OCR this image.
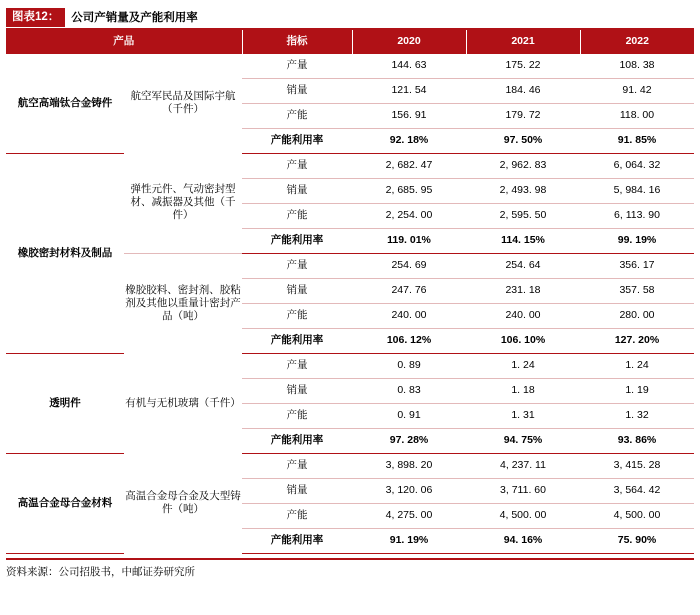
图表12：	公司产销量及产能利用率
产品		指标	2020	2021	2022
航空高端钛合金铸件	航空军民品及国际宇航（千件）	产量	144. 63	175. 22	108. 38
		销量	121. 54	184. 46	91. 42
		产能	156. 91	179. 72	118. 00
		产能利用率	92. 18%	97. 50%	91. 85%
橡胶密封材料及制品	弹性元件、气动密封型材、减振器及其他（千件）	产量	2, 682. 47	2, 962. 83	6, 064. 32
		销量	2, 685. 95	2, 493. 98	5, 984. 16
		产能	2, 254. 00	2, 595. 50	6, 113. 90
		产能利用率	119. 01%	114. 15%	99. 19%
	橡胶胶料、密封剂、胶粘剂及其他以重量计密封产品（吨）	产量	254. 69	254. 64	356. 17
		销量	247. 76	231. 18	357. 58
		产能	240. 00	240. 00	280. 00
		产能利用率	106. 12%	106. 10%	127. 20%
透明件	有机与无机玻璃（千件）	产量	0. 89	1. 24	1. 24
		销量	0. 83	1. 18	1. 19
		产能	0. 91	1. 31	1. 32
		产能利用率	97. 28%	94. 75%	93. 86%
高温合金母合金材料	高温合金母合金及大型铸件（吨）	产量	3, 898. 20	4, 237. 11	3, 415. 28
		销量	3, 120. 06	3, 711. 60	3, 564. 42
		产能	4, 275. 00	4, 500. 00	4, 500. 00
		产能利用率	91. 19%	94. 16%	75. 90%
资料来源：公司招股书，中邮证券研究所
